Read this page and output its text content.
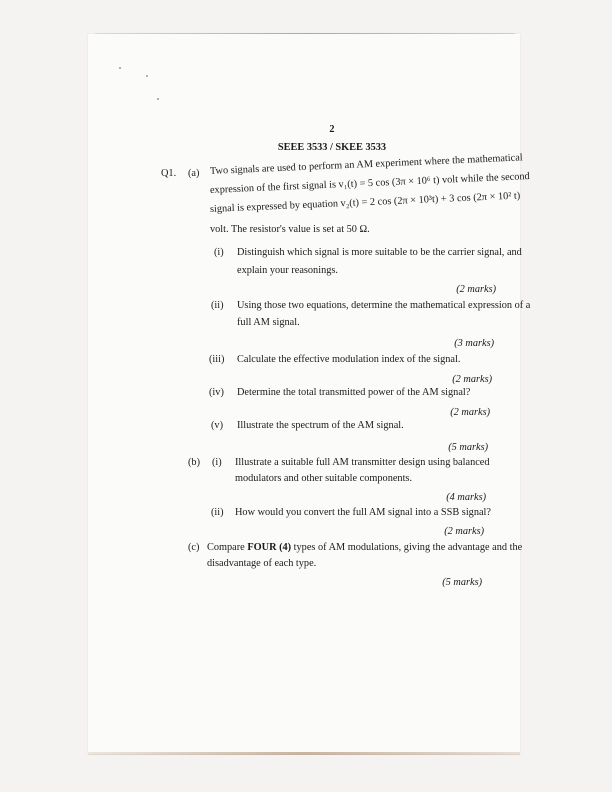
2
SEEE 3533 / SKEE 3533
Q1. (a) Two signals are used to perform an AM experiment where the mathematical
expression of the first signal is v₁(t) = 5 cos (3π × 10⁶ t) volt while the second
signal is expressed by equation v₂(t) = 2 cos (2π × 10³t) + 3 cos (2π × 10² t)
volt. The resistor's value is set at 50 Ω.
(i) Distinguish which signal is more suitable to be the carrier signal, and
explain your reasonings.
(2 marks)
(ii) Using those two equations, determine the mathematical expression of a
full AM signal.
(3 marks)
(iii) Calculate the effective modulation index of the signal.
(2 marks)
(iv) Determine the total transmitted power of the AM signal?
(2 marks)
(v) Illustrate the spectrum of the AM signal.
(5 marks)
(b) (i) Illustrate a suitable full AM transmitter design using balanced
modulators and other suitable components.
(4 marks)
(ii) How would you convert the full AM signal into a SSB signal?
(2 marks)
(c) Compare FOUR (4) types of AM modulations, giving the advantage and the
disadvantage of each type.
(5 marks)
